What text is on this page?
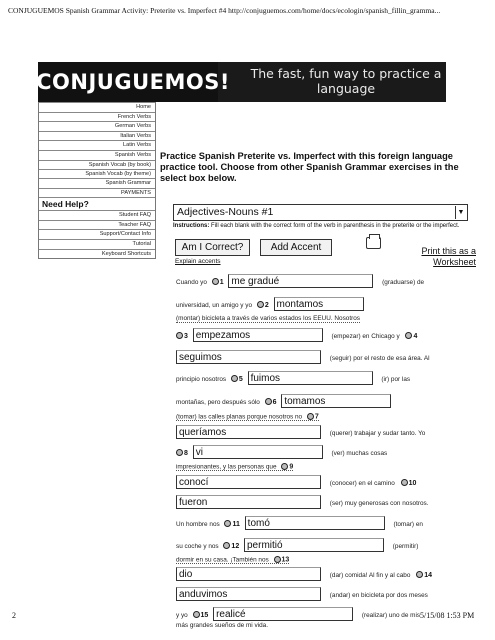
CONJUGUEMOS Spanish Grammar Activity: Preterite vs. Imperfect #4 http://conjuguemos.com/home/docs/ecologin/spanish_fillin_gramma...
¡CONJUGUEMOS!	The fast, fun way to practice a language
Home
French Verbs
German Verbs
Italian Verbs
Latin Verbs
Spanish Verbs
Spanish Vocab (by book)
Spanish Vocab (by theme)
Spanish Grammar
PAYMENTS
Need Help?
Student FAQ
Teacher FAQ
Support/Contact Info
Tutorial
Keyboard Shortcuts
Practice Spanish Preterite vs. Imperfect with this foreign language practice tool. Choose from other Spanish Grammar exercises in the select box below.
Adjectives-Nouns #1	▼
Instructions: Fill each blank with the correct form of the verb in parenthesis in the preterite or the imperfect.
Am I Correct?	Add Accent
Explain accents
Print this as a Worksheet
Cuando yo 1 me gradué	(graduarse) de
universidad, un amigo y yo 2 montamos
(montar) bicicleta a través de varios estados los EEUU. Nosotros
3 empezamos	(empezar) en Chicago y 4
seguimos	(seguir) por el resto de esa área. Al
principio nosotros 5 fuimos	(ir) por las
montañas, pero después sólo 6 tomamos
(tomar) las calles planas porque nosotros no 7
queríamos	(querer) trabajar y sudar tanto. Yo
8 vi	(ver) muchas cosas
impresionantes, y las personas que 9
conocí	(conocer) en el camino 10
fueron	(ser) muy generosas con nosotros.
Un hombre nos 11 tomó	(tomar) en
su coche y nos 12 permitió	(permitir)
dormir en su casa. ¡También nos 13
dio	(dar) comida! Al fin y al cabo 14
anduvimos	(andar) en bicicleta por dos meses
y yo 15 realicé	(realizar) uno de mis
más grandes sueños de mi vida.
2	5/15/08 1:53 PM
